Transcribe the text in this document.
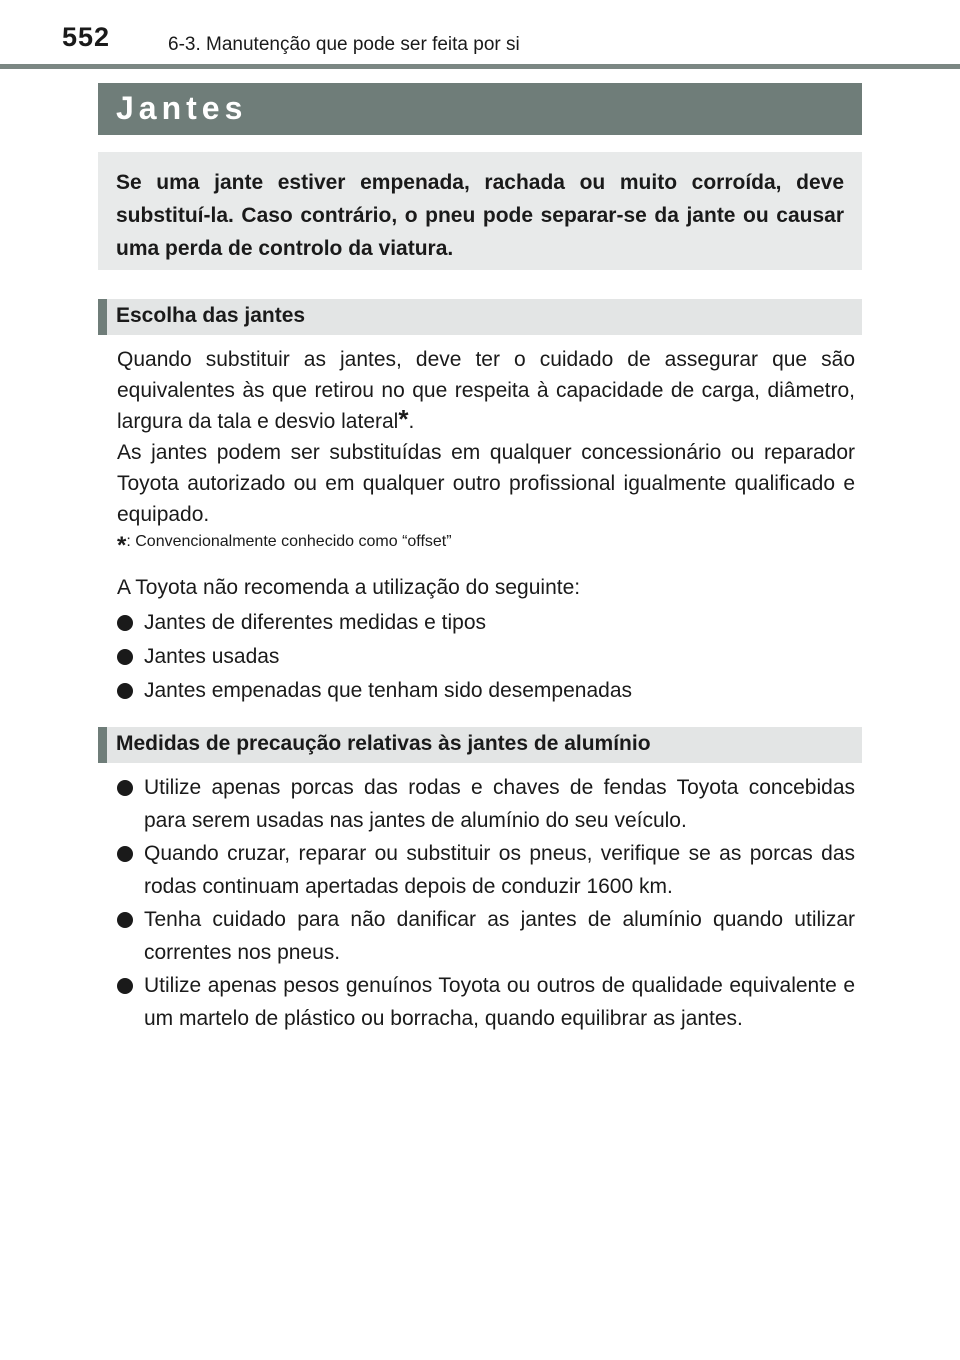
552	6-3. Manutenção que pode ser feita por si
Jantes

Se uma jante estiver empenada, rachada ou muito corroída, deve substituí-la. Caso contrário, o pneu pode separar-se da jante ou causar uma perda de controlo da viatura.

Escolha das jantes

Quando substituir as jantes, deve ter o cuidado de assegurar que são equivalentes às que retirou no que respeita à capacidade de carga, diâmetro, largura da tala e desvio lateral*.

As jantes podem ser substituídas em qualquer concessionário ou reparador Toyota autorizado ou em qualquer outro profissional igualmente qualificado e equipado.

*: Convencionalmente conhecido como “offset”
A Toyota não recomenda a utilização do seguinte:
Jantes de diferentes medidas e tipos
Jantes usadas
Jantes empenadas que tenham sido desempenadas
Medidas de precaução relativas às jantes de alumínio
Utilize apenas porcas das rodas e chaves de fendas Toyota concebidas para serem usadas nas jantes de alumínio do seu veículo.
Quando cruzar, reparar ou substituir os pneus, verifique se as porcas das rodas continuam apertadas depois de conduzir 1600 km.
Tenha cuidado para não danificar as jantes de alumínio quando utilizar correntes nos pneus.
Utilize apenas pesos genuínos Toyota ou outros de qualidade equivalente e um martelo de plástico ou borracha, quando equilibrar as jantes.
